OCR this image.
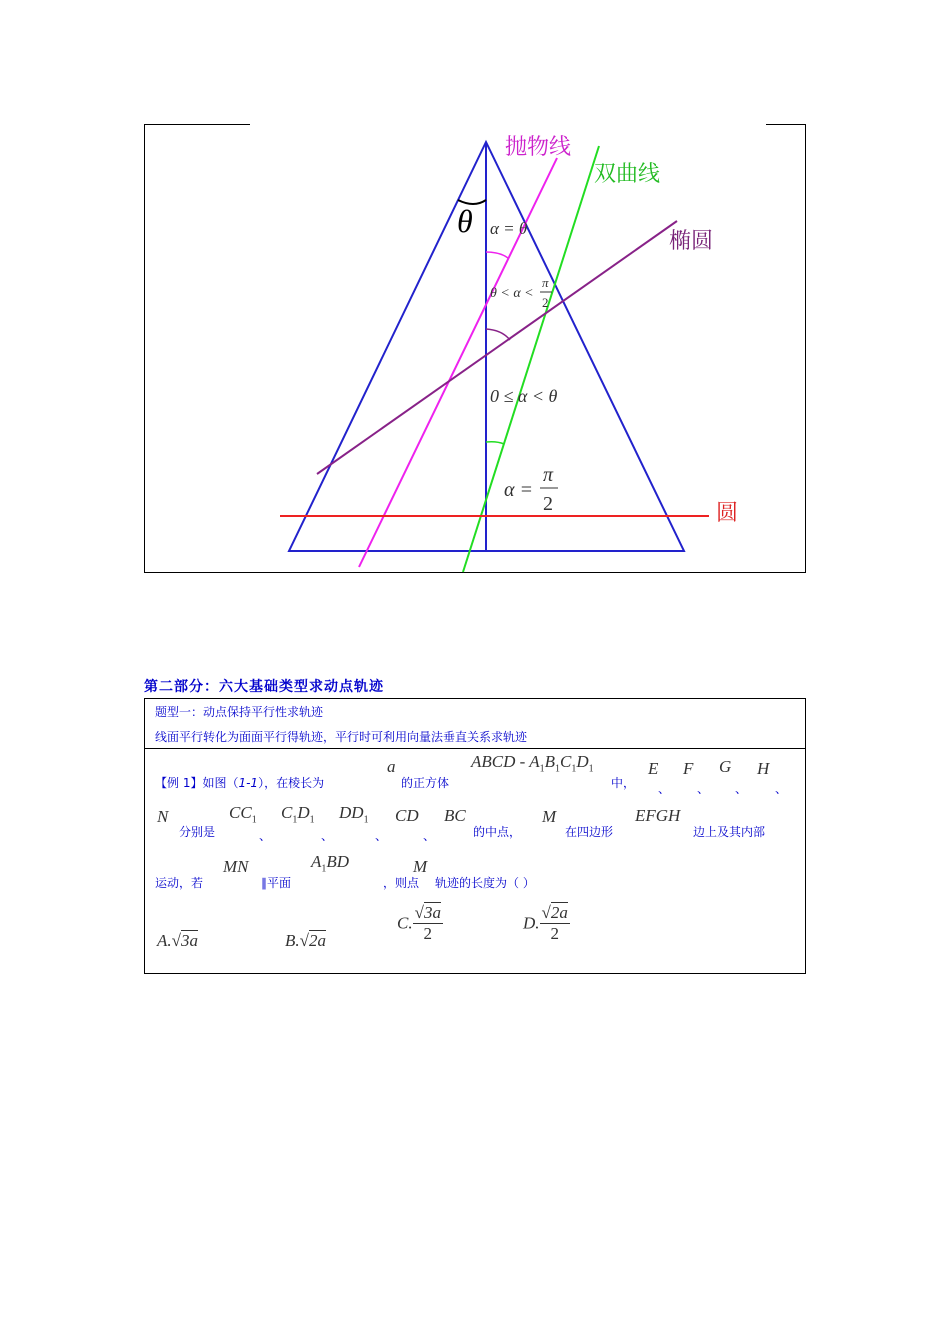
抛物线
双曲线
椭圆
圆
θ α = θ
θ < α <
π
2
0 ≤ α < θ
α =
π
2
第二部分：六大基础类型求动点轨迹
题型一：动点保持平行性求轨迹
线面平行转化为面面平行得轨迹，平行时可利用向量法垂直关系求轨迹
【例 1】如图（1-1），在棱长为
a
的正方体
ABCD - $A_1B_1C_1D_1$
中，
E
、
F
、
G
、
H
、
N
分别是
$CC_1$
、
$C_1D_1$
、
$DD_1$
、
CD
、
BC
的中点，
M
在四边形
EFGH
边上及其内部
运动，若
MN
∥平面
$A_1BD$
，则点
M
轨迹的长度为（ ）
A.√3a	B.√2a
C. $\frac{√3a}{2}$	D. $\frac{√2a}{2}$
